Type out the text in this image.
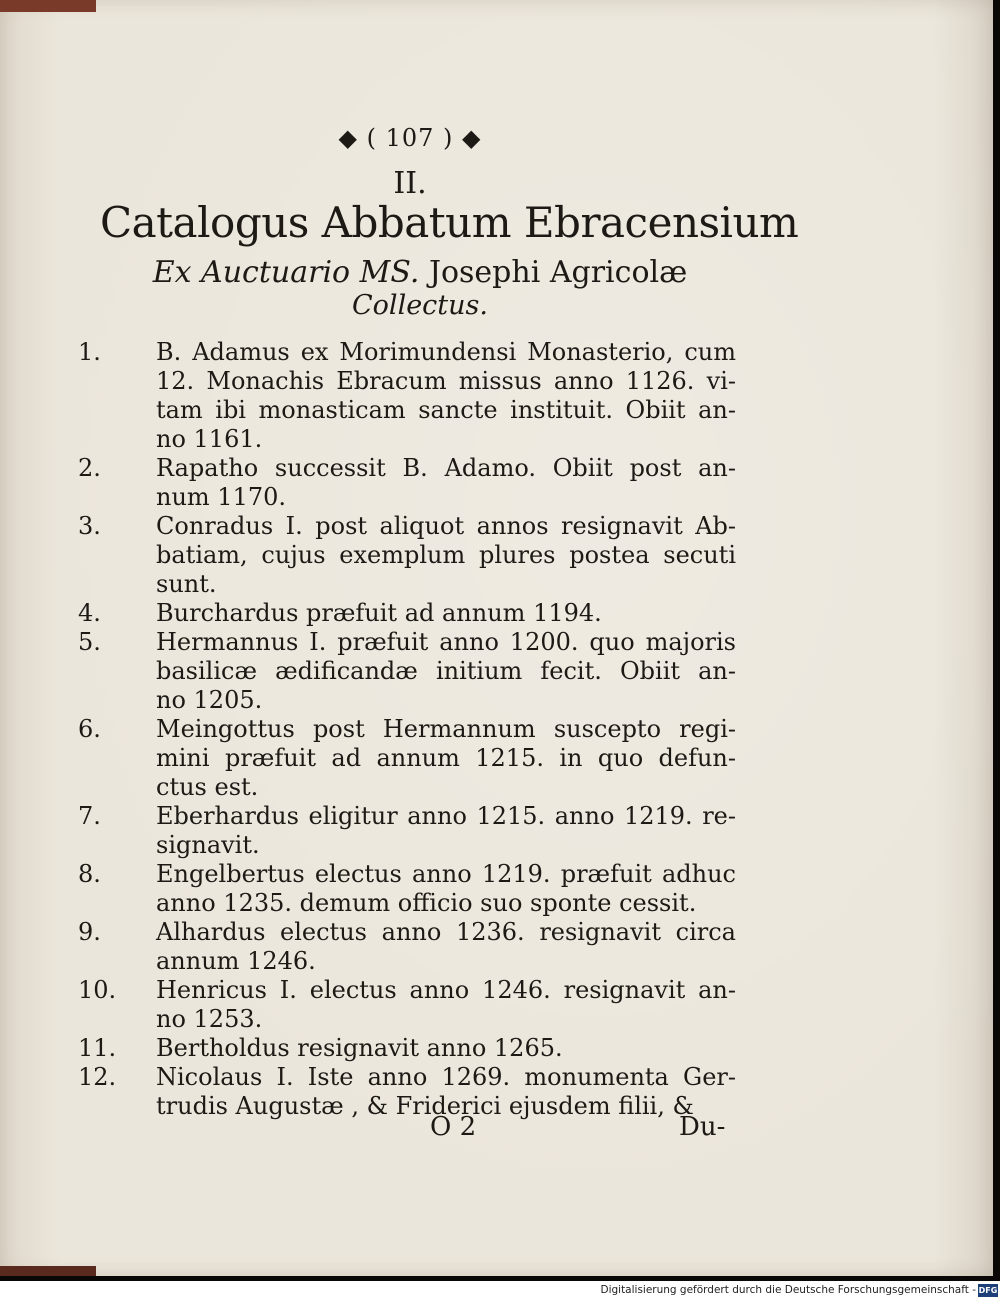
◆ ( 107 ) ◆
II.
Catalogus Abbatum Ebracensium
Ex Auctuario MS. Josephi Agricolæ
Collectus.
1.	B. Adamus ex Morimundensi Monasterio, cum
12. Monachis Ebracum missus anno 1126. vi-
tam ibi monasticam sancte instituit. Obiit an-
no 1161.
2.	Rapatho successit B. Adamo. Obiit post an-
num 1170.
3.	Conradus I. post aliquot annos resignavit Ab-
batiam, cujus exemplum plures postea secuti
sunt.
4.	Burchardus præfuit ad annum 1194.
5.	Hermannus I. præfuit anno 1200. quo majoris
basilicæ ædificandæ initium fecit. Obiit an-
no 1205.
6.	Meingottus post Hermannum suscepto regi-
mini præfuit ad annum 1215. in quo defun-
ctus est.
7.	Eberhardus eligitur anno 1215. anno 1219. re-
signavit.
8.	Engelbertus electus anno 1219. præfuit adhuc
anno 1235. demum officio suo sponte cessit.
9.	Alhardus electus anno 1236. resignavit circa
annum 1246.
10.	Henricus I. electus anno 1246. resignavit an-
no 1253.
11.	Bertholdus resignavit anno 1265.
12.	Nicolaus I. Iste anno 1269. monumenta Ger-
trudis Augustæ , & Friderici ejusdem filii, &
O 2	Du-
Digitalisierung gefördert durch die Deutsche Forschungsgemeinschaft - DFG
